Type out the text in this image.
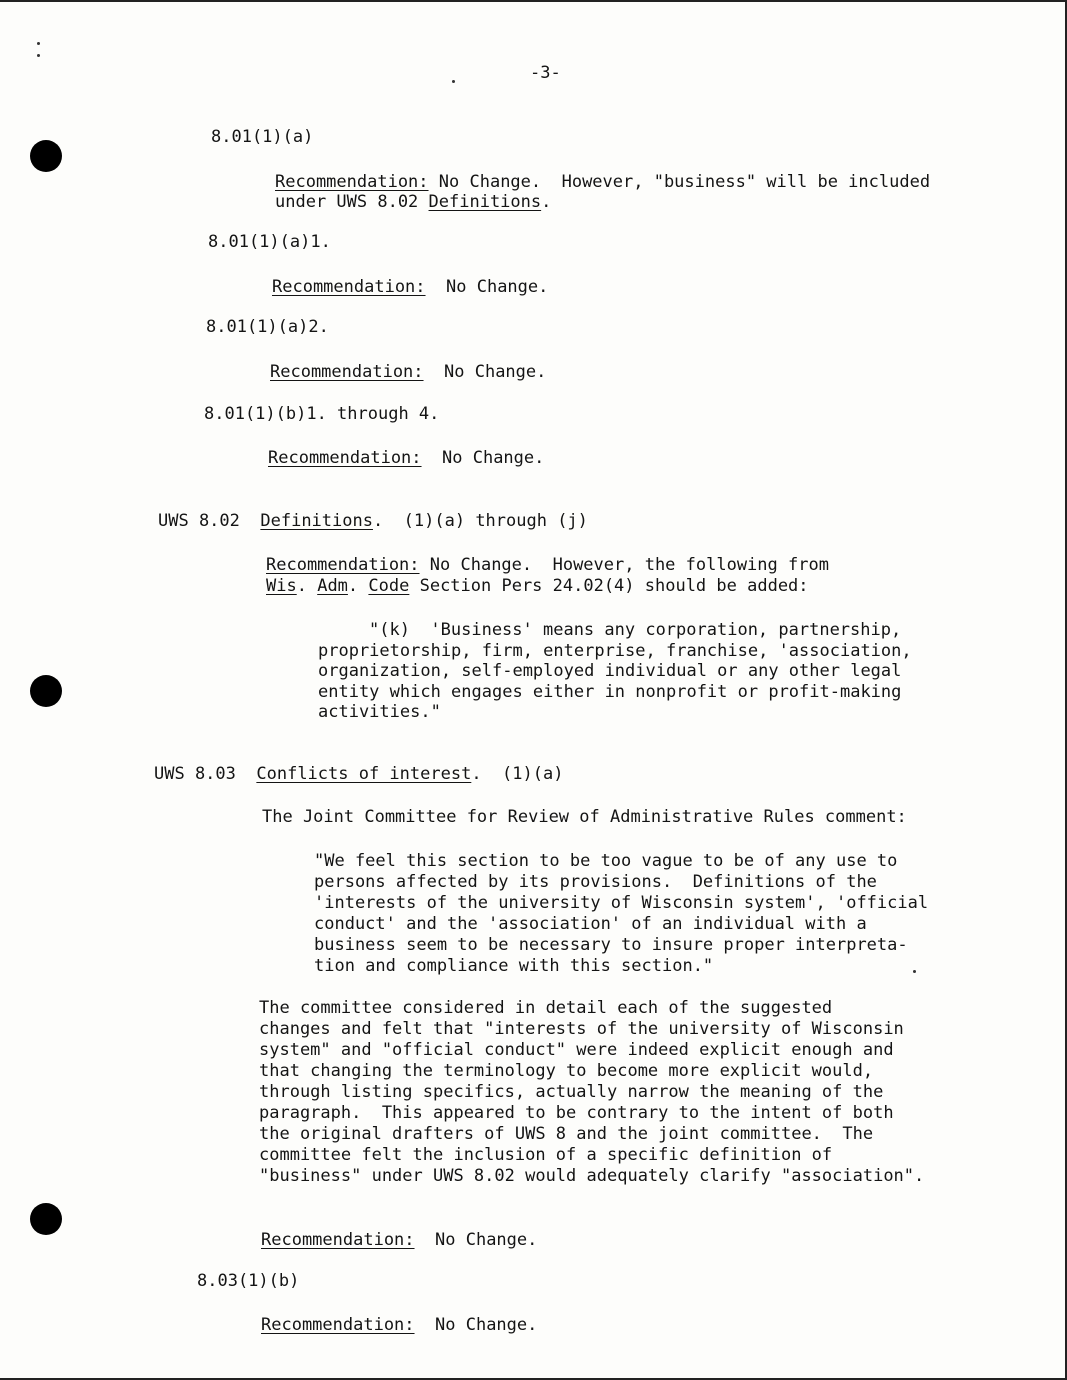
-3-
8.01(1)(a)
Recommendation: No Change.  However, "business" will be included
under UWS 8.02 Definitions.
8.01(1)(a)1.
Recommendation: No Change.
8.01(1)(a)2.
Recommendation: No Change.
8.01(1)(b)1. through 4.
Recommendation: No Change.
UWS 8.02 Definitions.  (1)(a) through (j)
Recommendation: No Change.  However, the following from
Wis. Adm. Code Section Pers 24.02(4) should be added:
"(k)  'Business' means any corporation, partnership,
proprietorship, firm, enterprise, franchise, 'association,
organization, self-employed individual or any other legal
entity which engages either in nonprofit or profit-making
activities."
UWS 8.03 Conflicts of interest.  (1)(a)
The Joint Committee for Review of Administrative Rules comment:
"We feel this section to be too vague to be of any use to
persons affected by its provisions.  Definitions of the
'interests of the university of Wisconsin system', 'official
conduct' and the 'association' of an individual with a
business seem to be necessary to insure proper interpreta-
tion and compliance with this section."
The committee considered in detail each of the suggested
changes and felt that "interests of the university of Wisconsin
system" and "official conduct" were indeed explicit enough and
that changing the terminology to become more explicit would,
through listing specifics, actually narrow the meaning of the
paragraph.  This appeared to be contrary to the intent of both
the original drafters of UWS 8 and the joint committee.  The
committee felt the inclusion of a specific definition of
"business" under UWS 8.02 would adequately clarify "association".
Recommendation: No Change.
8.03(1)(b)
Recommendation: No Change.
